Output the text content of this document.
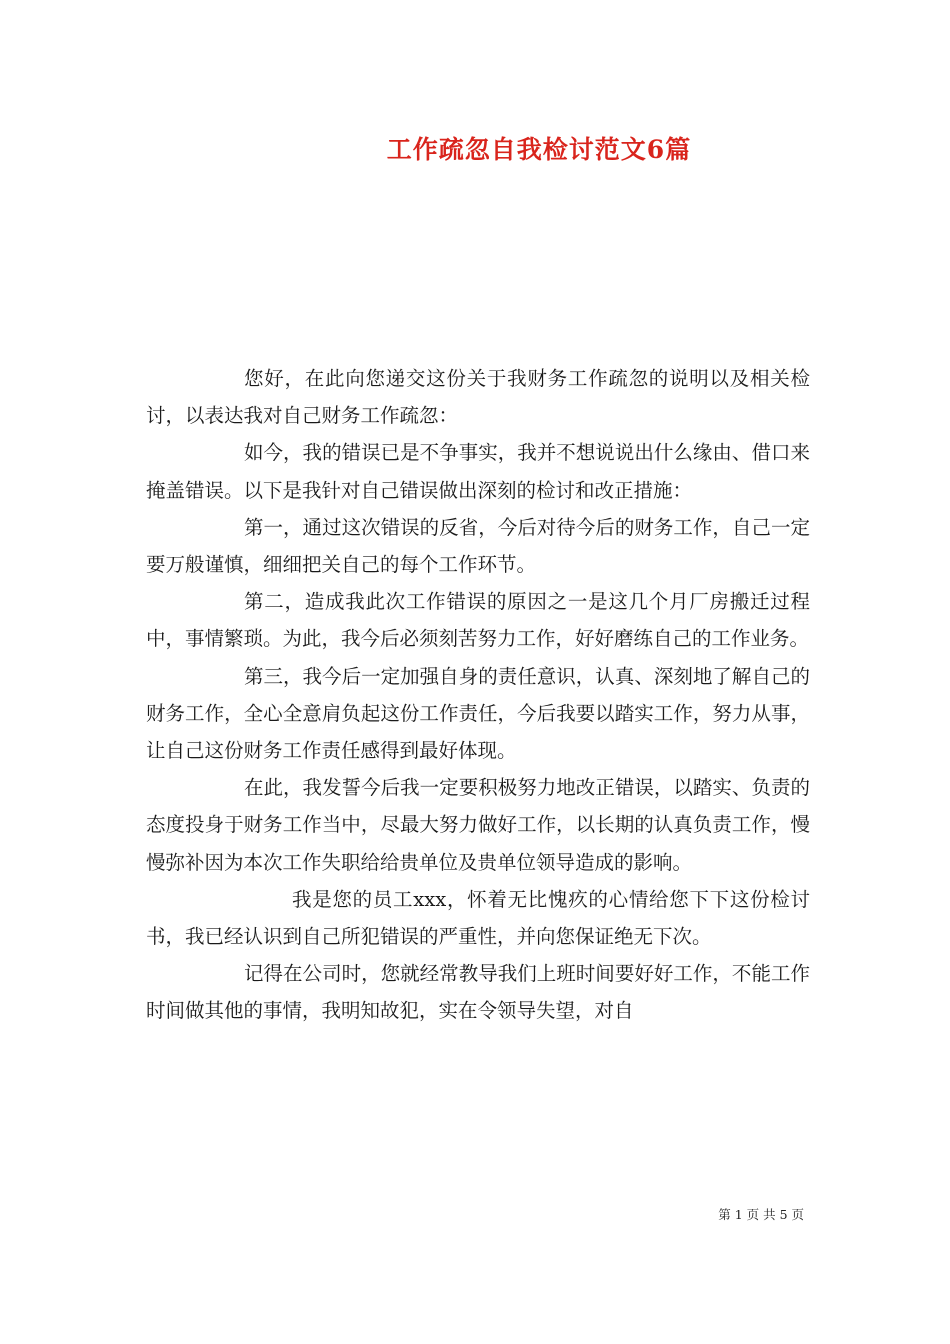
工作疏忽自我检讨范文6篇

您好，在此向您递交这份关于我财务工作疏忽的说明以及相关检讨，以表达我对自己财务工作疏忽：

如今，我的错误已是不争事实，我并不想说说出什么缘由、借口来掩盖错误。以下是我针对自己错误做出深刻的检讨和改正措施：

第一，通过这次错误的反省，今后对待今后的财务工作，自己一定要万般谨慎，细细把关自己的每个工作环节。

第二，造成我此次工作错误的原因之一是这几个月厂房搬迁过程中，事情繁琐。为此，我今后必须刻苦努力工作，好好磨练自己的工作业务。

第三，我今后一定加强自身的责任意识，认真、深刻地了解自己的财务工作，全心全意肩负起这份工作责任，今后我要以踏实工作，努力从事，让自己这份财务工作责任感得到最好体现。

在此，我发誓今后我一定要积极努力地改正错误，以踏实、负责的态度投身于财务工作当中，尽最大努力做好工作，以长期的认真负责工作，慢慢弥补因为本次工作失职给给贵单位及贵单位领导造成的影响。

我是您的员工xxx，怀着无比愧疚的心情给您下下这份检讨书，我已经认识到自己所犯错误的严重性，并向您保证绝无下次。

记得在公司时，您就经常教导我们上班时间要好好工作，不能工作时间做其他的事情，我明知故犯，实在令领导失望，对自

第 1 页 共 5 页
